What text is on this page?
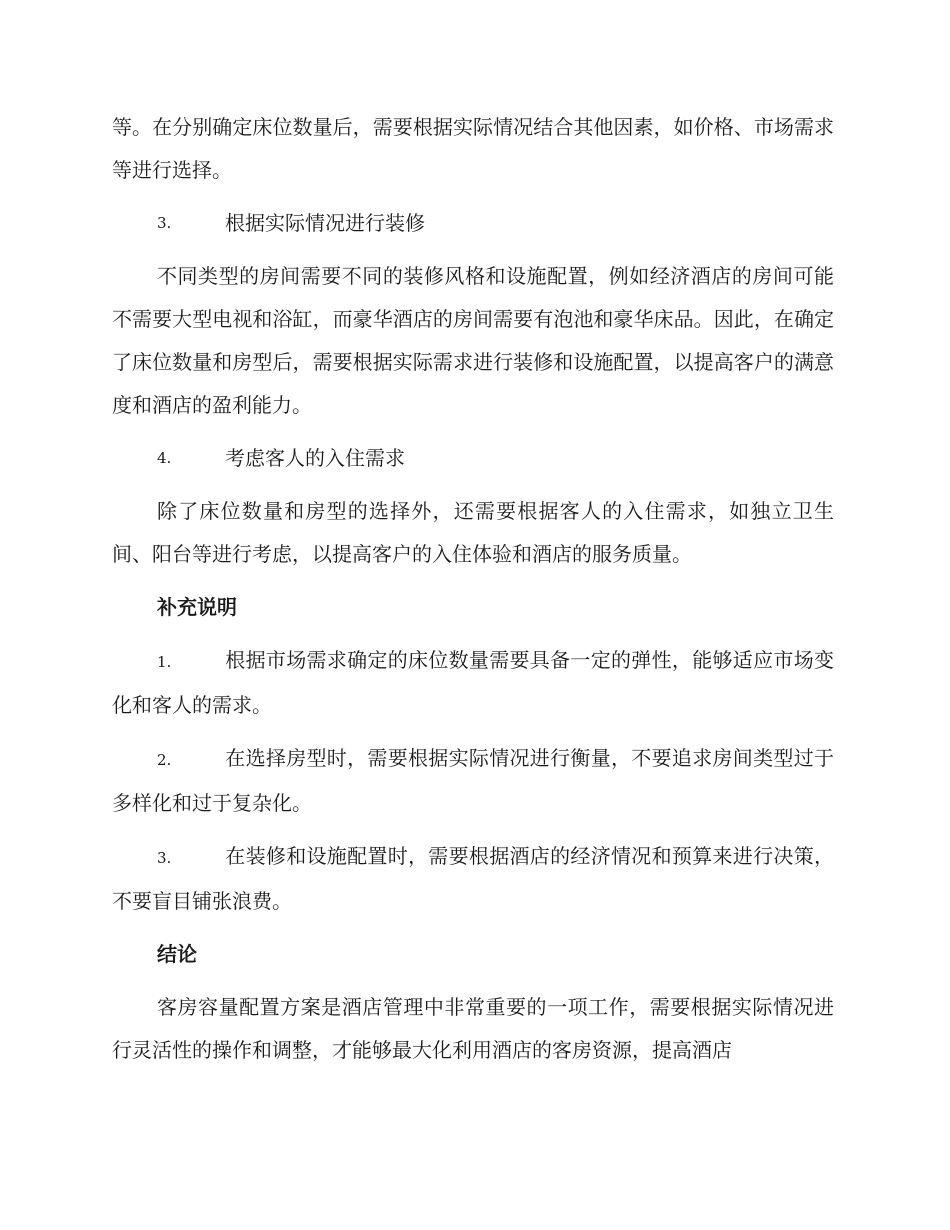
等。在分别确定床位数量后，需要根据实际情况结合其他因素，如价格、市场需求等进行选择。

3.	根据实际情况进行装修

不同类型的房间需要不同的装修风格和设施配置，例如经济酒店的房间可能不需要大型电视和浴缸，而豪华酒店的房间需要有泡池和豪华床品。因此，在确定了床位数量和房型后，需要根据实际需求进行装修和设施配置，以提高客户的满意度和酒店的盈利能力。

4.	考虑客人的入住需求

除了床位数量和房型的选择外，还需要根据客人的入住需求，如独立卫生间、阳台等进行考虑，以提高客户的入住体验和酒店的服务质量。

补充说明

1.	根据市场需求确定的床位数量需要具备一定的弹性，能够适应市场变化和客人的需求。

2.	在选择房型时，需要根据实际情况进行衡量，不要追求房间类型过于多样化和过于复杂化。

3.	在装修和设施配置时，需要根据酒店的经济情况和预算来进行决策，不要盲目铺张浪费。

结论

客房容量配置方案是酒店管理中非常重要的一项工作，需要根据实际情况进行灵活性的操作和调整，才能够最大化利用酒店的客房资源，提高酒店
